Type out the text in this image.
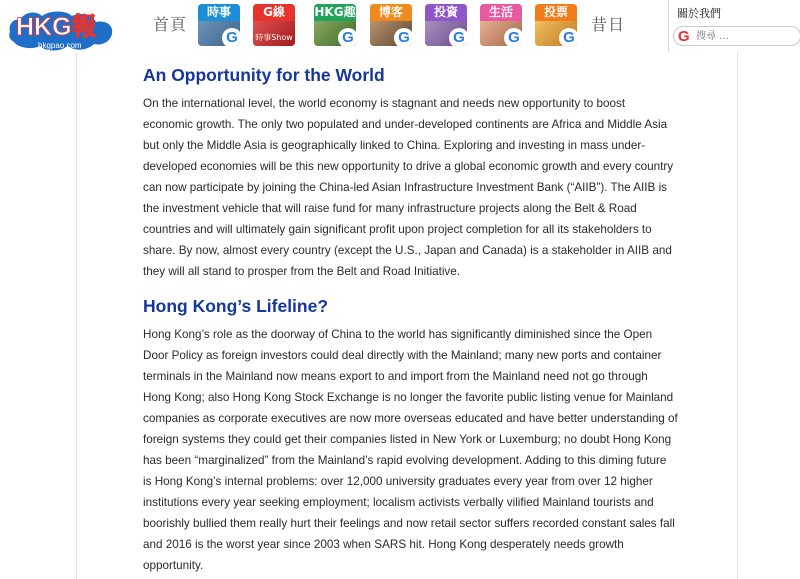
HKG報
hkgpao.com
首頁
時事
G
G線
時事Show
HKG趣
G
博客
G
投資
G
生活
G
投票
G
昔日
關於我們
G
搜尋 ...
An Opportunity for the World

On the international level, the world economy is stagnant and needs new opportunity to boost economic growth. The only two populated and under-developed continents are Africa and Middle Asia but only the Middle Asia is geographically linked to China. Exploring and investing in mass under-developed economies will be this new opportunity to drive a global economic growth and every country can now participate by joining the China-led Asian Infrastructure Investment Bank (“AIIB”). The AIIB is the investment vehicle that will raise fund for many infrastructure projects along the Belt & Road countries and will ultimately gain significant profit upon project completion for all its stakeholders to share. By now, almost every country (except the U.S., Japan and Canada) is a stakeholder in AIIB and they will all stand to prosper from the Belt and Road Initiative.

Hong Kong’s Lifeline?

Hong Kong’s role as the doorway of China to the world has significantly diminished since the Open Door Policy as foreign investors could deal directly with the Mainland; many new ports and container terminals in the Mainland now means export to and import from the Mainland need not go through Hong Kong; also Hong Kong Stock Exchange is no longer the favorite public listing venue for Mainland companies as corporate executives are now more overseas educated and have better understanding of foreign systems they could get their companies listed in New York or Luxemburg; no doubt Hong Kong has been “marginalized” from the Mainland’s rapid evolving development. Adding to this diming future is Hong Kong’s internal problems: over 12,000 university graduates every year from over 12 higher institutions every year seeking employment; localism activists verbally vilified Mainland tourists and boorishly bullied them really hurt their feelings and now retail sector suffers recorded constant sales fall and 2016 is the worst year since 2003 when SARS hit. Hong Kong desperately needs growth opportunity.
